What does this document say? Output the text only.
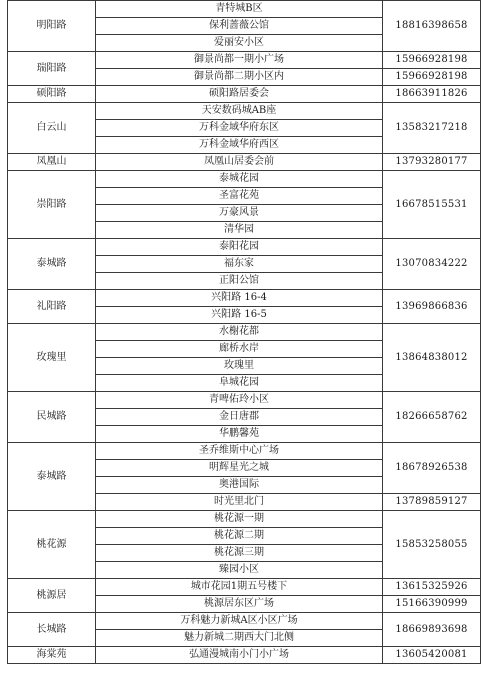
明阳路	青特城B区	18816398658
	保利蔷薇公馆	
	爱丽安小区	
瑞阳路	御景尚都一期小广场	15966928198
	御景尚都二期小区内	15966928198
硕阳路	硕阳路居委会	18663911826
白云山	天安数码城AB座	13583217218
	万科金域华府东区	
	万科金域华府西区	
凤凰山	凤凰山居委会前	13793280177
崇阳路	泰城花园	16678515531
	圣富花苑	
	万豪风景	
	清华园	
泰城路	泰阳花园	13070834222
	福东家	
	正阳公馆	
礼阳路	兴阳路 16-4	13969866836
	兴阳路 16-5	
玫瑰里	水榭花都	13864838012
	廊桥水岸	
	玫瑰里	
	阜城花园	
民城路	青啤佑玲小区	18266658762
	金日唐郡	
	华鹏馨苑	
泰城路	圣乔维斯中心广场	18678926538
	明辉星光之城	
	奥港国际	
	时光里北门	13789859127
桃花源	桃花源一期	15853258055
	桃花源二期	
	桃花源三期	
	臻园小区	
桃源居	城市花园1期五号楼下	13615325926
	桃源居东区广场	15166390999
长城路	万科魅力新城A区小区广场	18669893698
	魅力新城二期西大门北侧	
海棠苑	弘通漫城南小门小广场	13605420081
